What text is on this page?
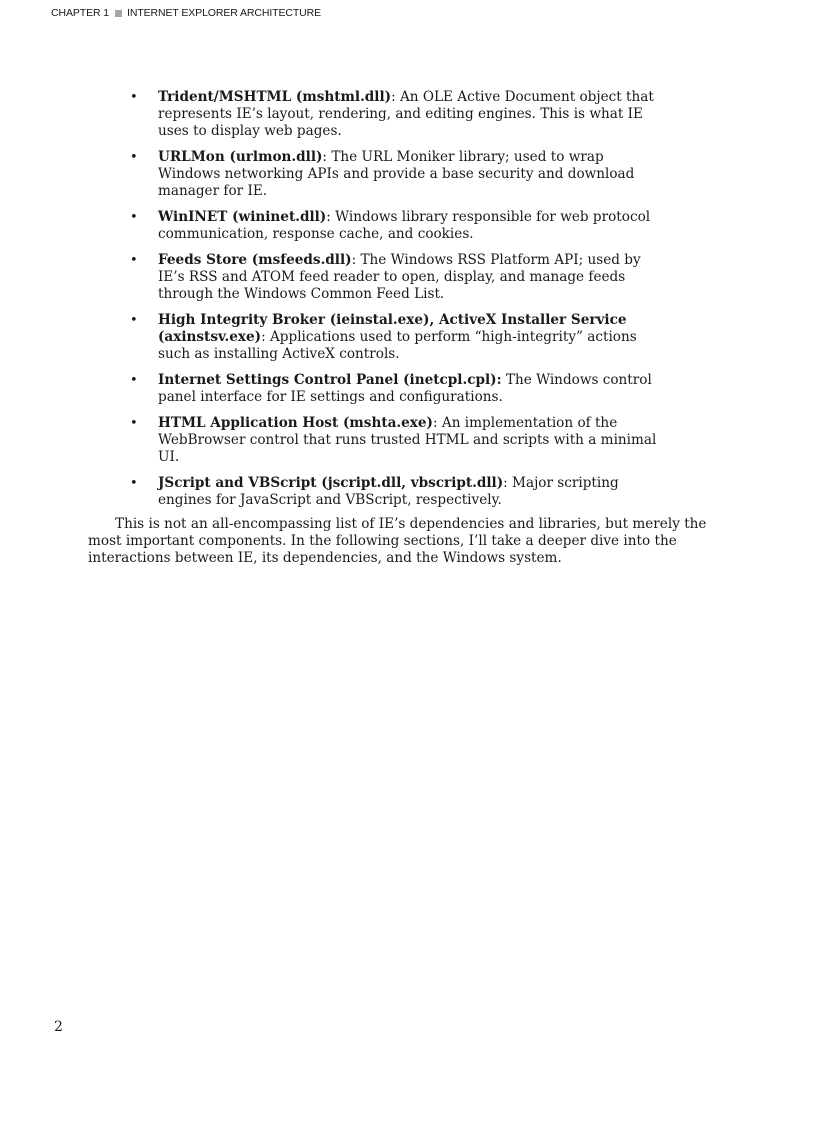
CHAPTER 1 INTERNET EXPLORER ARCHITECTURE
• Trident/MSHTML (mshtml.dll): An OLE Active Document object that represents IE’s layout, rendering, and editing engines. This is what IE uses to display web pages.
• URLMon (urlmon.dll): The URL Moniker library; used to wrap Windows networking APIs and provide a base security and download manager for IE.
• WinINET (wininet.dll): Windows library responsible for web protocol communication, response cache, and cookies.
• Feeds Store (msfeeds.dll): The Windows RSS Platform API; used by IE’s RSS and ATOM feed reader to open, display, and manage feeds through the Windows Common Feed List.
• High Integrity Broker (ieinstal.exe), ActiveX Installer Service (axinstsv.exe): Applications used to perform “high-integrity” actions such as installing ActiveX controls.
• Internet Settings Control Panel (inetcpl.cpl): The Windows control panel interface for IE settings and configurations.
• HTML Application Host (mshta.exe): An implementation of the WebBrowser control that runs trusted HTML and scripts with a minimal UI.
• JScript and VBScript (jscript.dll, vbscript.dll): Major scripting engines for JavaScript and VBScript, respectively.

This is not an all-encompassing list of IE’s dependencies and libraries, but merely the most important components. In the following sections, I’ll take a deeper dive into the interactions between IE, its dependencies, and the Windows system.

2
